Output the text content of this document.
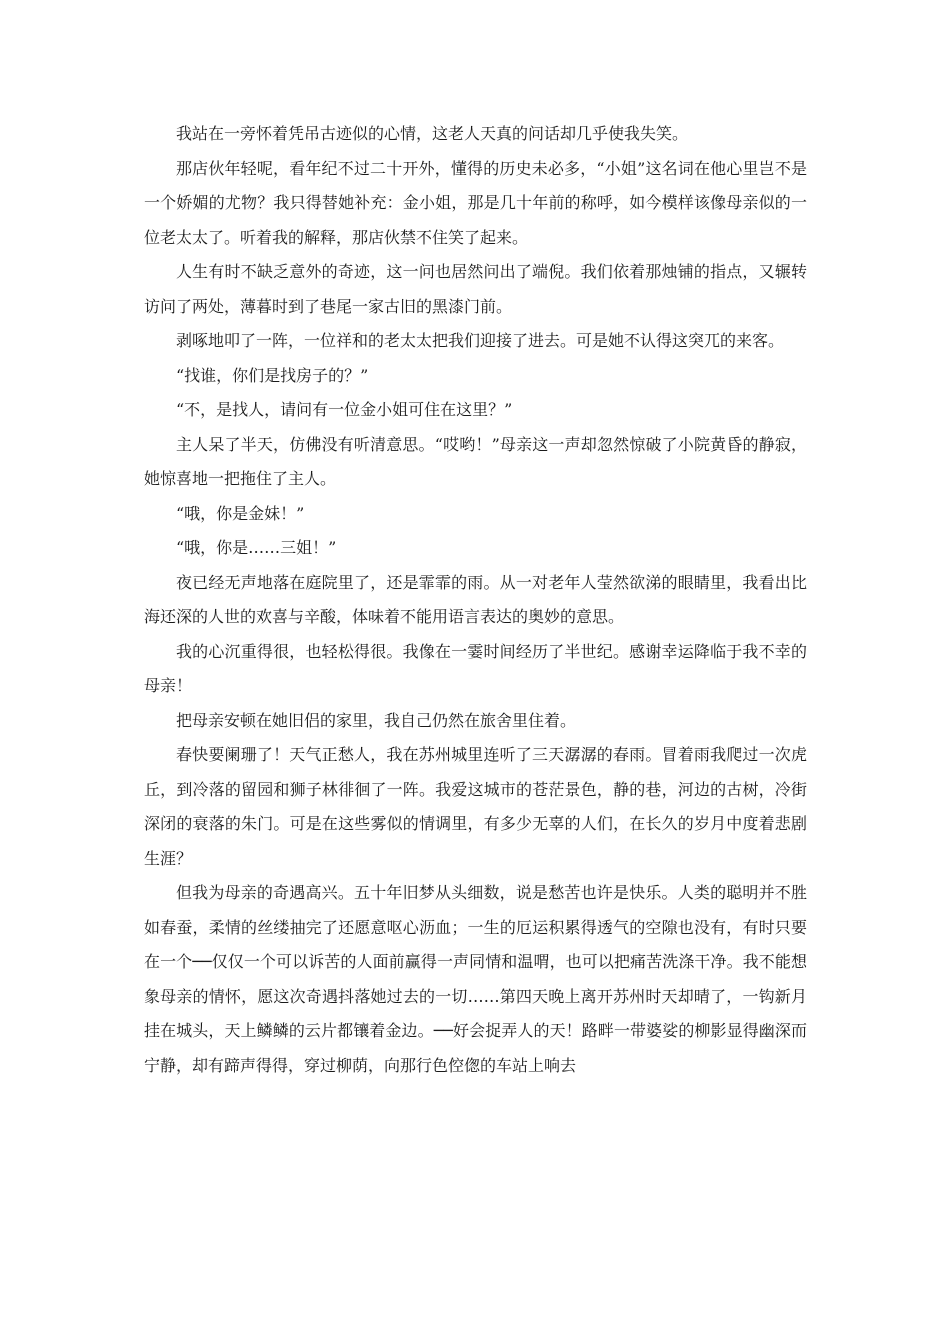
我站在一旁怀着凭吊古迹似的心情，这老人天真的问话却几乎使我失笑。

那店伙年轻呢，看年纪不过二十开外，懂得的历史未必多，“小姐”这名词在他心里岂不是一个娇媚的尤物？我只得替她补充：金小姐，那是几十年前的称呼，如今模样该像母亲似的一位老太太了。听着我的解释，那店伙禁不住笑了起来。

人生有时不缺乏意外的奇迹，这一问也居然问出了端倪。我们依着那烛铺的指点，又辗转访问了两处，薄暮时到了巷尾一家古旧的黑漆门前。

剥啄地叩了一阵，一位祥和的老太太把我们迎接了进去。可是她不认得这突兀的来客。

“找谁，你们是找房子的？”

“不，是找人，请问有一位金小姐可住在这里？”

主人呆了半天，仿佛没有听清意思。“哎哟！”母亲这一声却忽然惊破了小院黄昏的静寂，她惊喜地一把拖住了主人。

“哦，你是金妹！”

“哦，你是……三姐！”

夜已经无声地落在庭院里了，还是霏霏的雨。从一对老年人莹然欲涕的眼睛里，我看出比海还深的人世的欢喜与辛酸，体味着不能用语言表达的奥妙的意思。

我的心沉重得很，也轻松得很。我像在一霎时间经历了半世纪。感谢幸运降临于我不幸的母亲！

把母亲安顿在她旧侣的家里，我自己仍然在旅舍里住着。

春快要阑珊了！天气正愁人，我在苏州城里连听了三天潺潺的春雨。冒着雨我爬过一次虎丘，到冷落的留园和狮子林徘徊了一阵。我爱这城市的苍茫景色，静的巷，河边的古树，冷街深闭的衰落的朱门。可是在这些雾似的情调里，有多少无辜的人们，在长久的岁月中度着悲剧生涯？

但我为母亲的奇遇高兴。五十年旧梦从头细数，说是愁苦也许是快乐。人类的聪明并不胜如春蚕，柔情的丝缕抽完了还愿意呕心沥血；一生的厄运积累得透气的空隙也没有，有时只要在一个──仅仅一个可以诉苦的人面前赢得一声同情和温喟，也可以把痛苦洗涤干净。我不能想象母亲的情怀，愿这次奇遇抖落她过去的一切……第四天晚上离开苏州时天却晴了，一钩新月挂在城头，天上鳞鳞的云片都镶着金边。──好会捉弄人的天！路畔一带婆娑的柳影显得幽深而宁静，却有蹄声得得，穿过柳荫，向那行色倥偬的车站上响去
